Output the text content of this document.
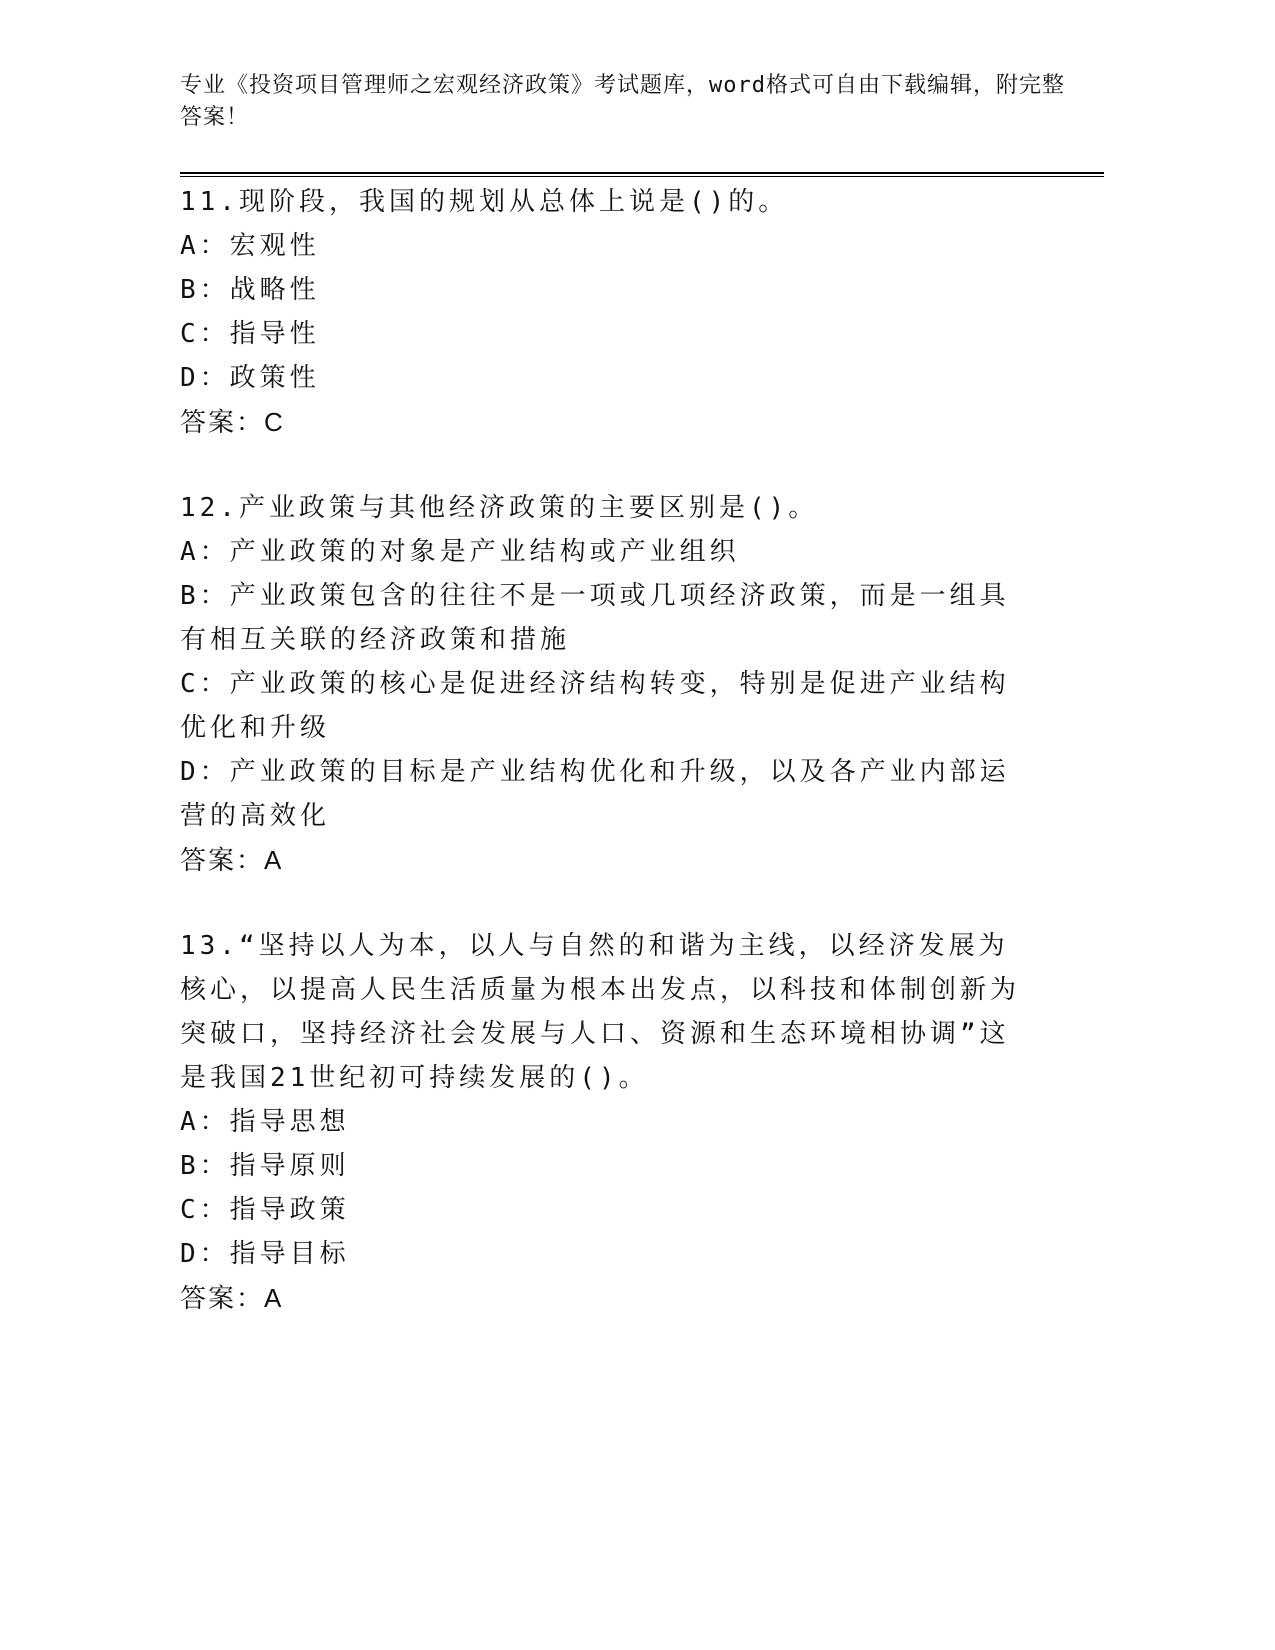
专业《投资项目管理师之宏观经济政策》考试题库，word格式可自由下载编辑，附完整答案！

11.现阶段，我国的规划从总体上说是()的。

A：宏观性

B：战略性

C：指导性

D：政策性

答案：C

12.产业政策与其他经济政策的主要区别是()。

A：产业政策的对象是产业结构或产业组织

B：产业政策包含的往往不是一项或几项经济政策，而是一组具有相互关联的经济政策和措施

C：产业政策的核心是促进经济结构转变，特别是促进产业结构优化和升级

D：产业政策的目标是产业结构优化和升级，以及各产业内部运营的高效化

答案：A

13.“坚持以人为本，以人与自然的和谐为主线，以经济发展为核心，以提高人民生活质量为根本出发点，以科技和体制创新为突破口，坚持经济社会发展与人口、资源和生态环境相协调”这是我国21世纪初可持续发展的()。

A：指导思想

B：指导原则

C：指导政策

D：指导目标

答案：A
